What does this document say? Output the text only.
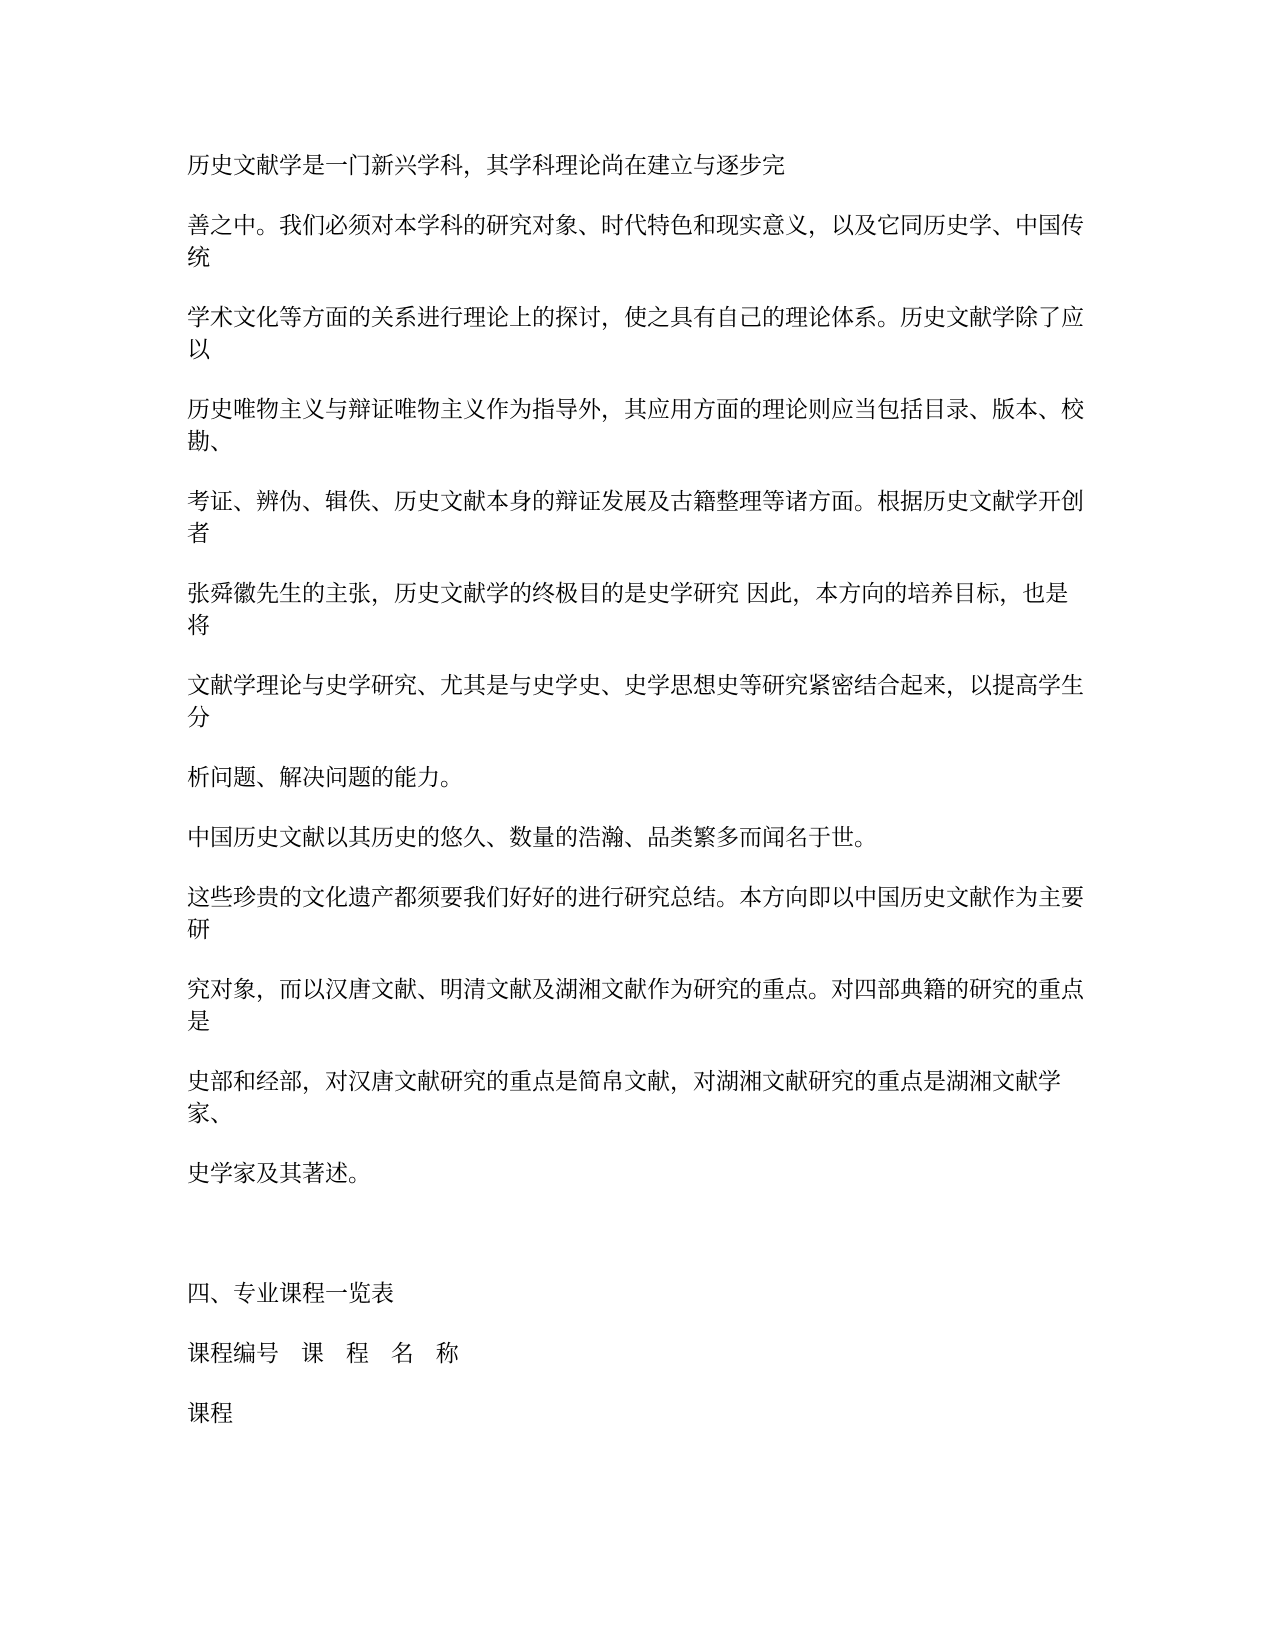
历史文献学是一门新兴学科，其学科理论尚在建立与逐步完

善之中。我们必须对本学科的研究对象、时代特色和现实意义，以及它同历史学、中国传统

学术文化等方面的关系进行理论上的探讨，使之具有自己的理论体系。历史文献学除了应以

历史唯物主义与辩证唯物主义作为指导外，其应用方面的理论则应当包括目录、版本、校勘、

考证、辨伪、辑佚、历史文献本身的辩证发展及古籍整理等诸方面。根据历史文献学开创者

张舜徽先生的主张，历史文献学的终极目的是史学研究 因此，本方向的培养目标，也是将

文献学理论与史学研究、尤其是与史学史、史学思想史等研究紧密结合起来，以提高学生分

析问题、解决问题的能力。

中国历史文献以其历史的悠久、数量的浩瀚、品类繁多而闻名于世。

这些珍贵的文化遗产都须要我们好好的进行研究总结。本方向即以中国历史文献作为主要研

究对象，而以汉唐文献、明清文献及湖湘文献作为研究的重点。对四部典籍的研究的重点是

史部和经部，对汉唐文献研究的重点是简帛文献，对湖湘文献研究的重点是湖湘文献学家、

史学家及其著述。

四、专业课程一览表

课程编号   课   程   名   称

课程
